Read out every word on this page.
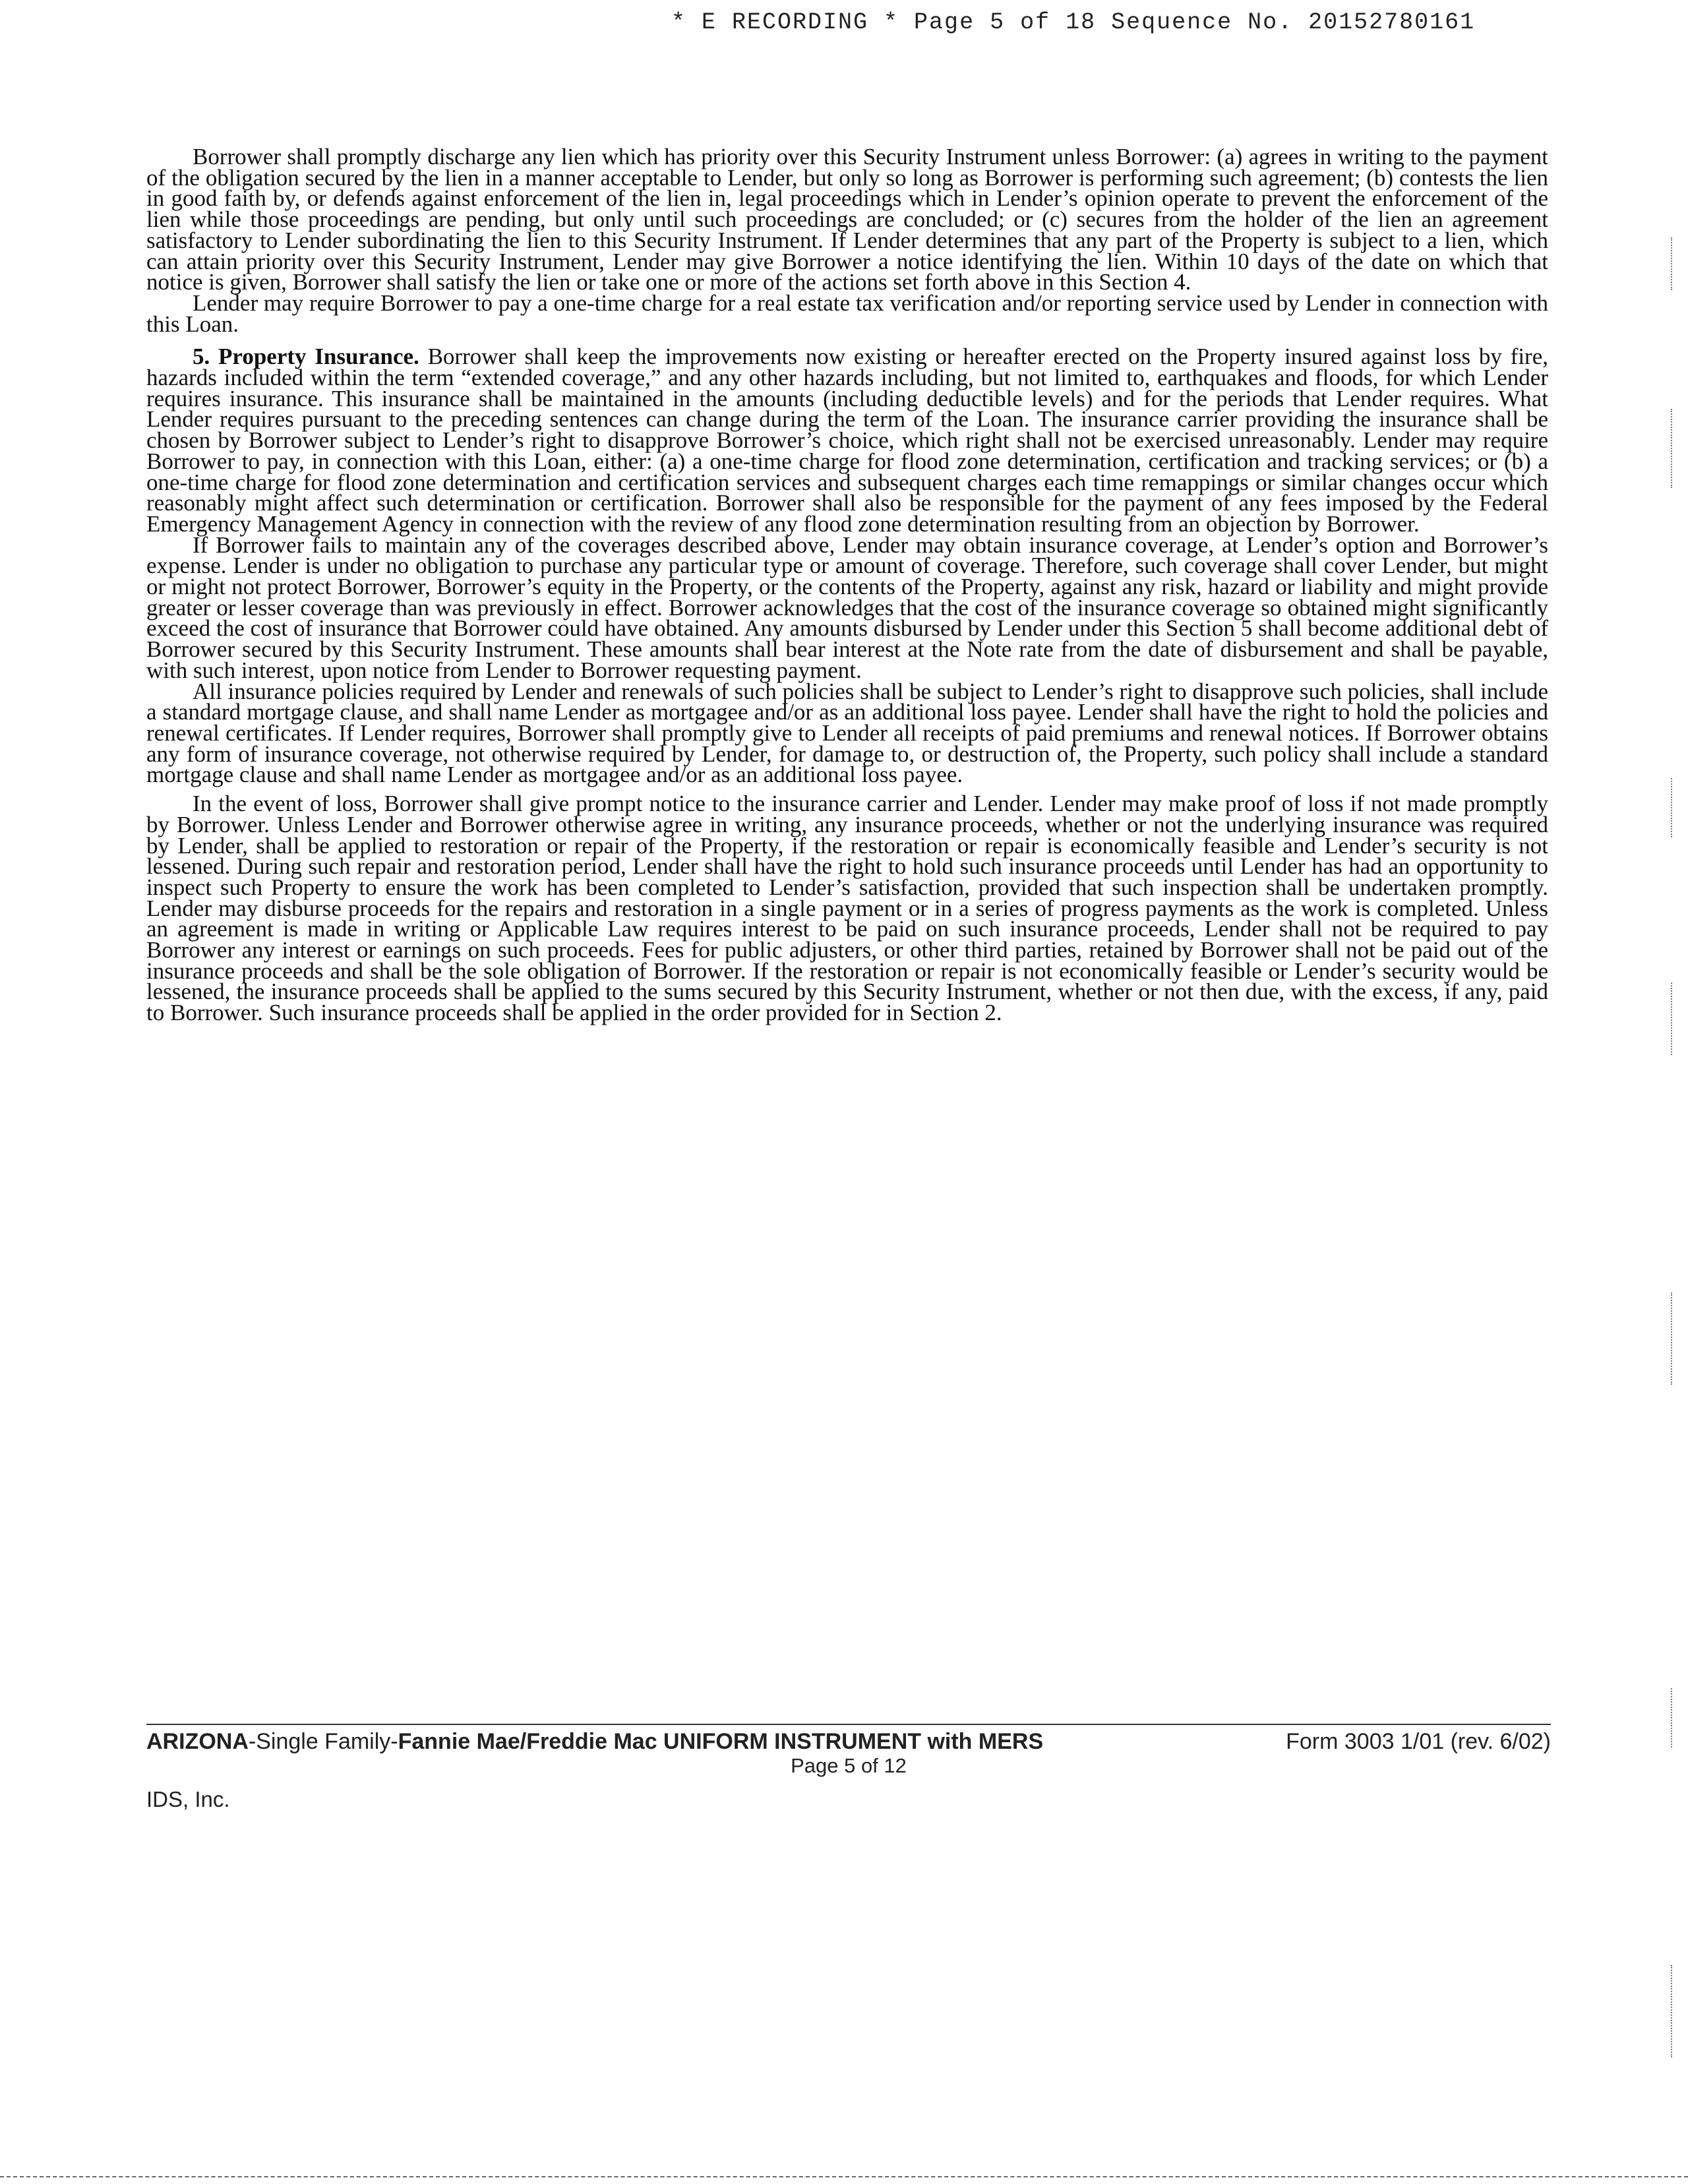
* E RECORDING * Page 5 of 18 Sequence No. 20152780161

Borrower shall promptly discharge any lien which has priority over this Security Instrument unless Borrower: (a) agrees in writing to the payment of the obligation secured by the lien in a manner acceptable to Lender, but only so long as Borrower is performing such agreement; (b) contests the lien in good faith by, or defends against enforcement of the lien in, legal proceedings which in Lender’s opinion operate to prevent the enforcement of the lien while those proceedings are pending, but only until such proceedings are concluded; or (c) secures from the holder of the lien an agreement satisfactory to Lender subordinating the lien to this Security Instrument. If Lender determines that any part of the Property is subject to a lien, which can attain priority over this Security Instrument, Lender may give Borrower a notice identifying the lien. Within 10 days of the date on which that notice is given, Borrower shall satisfy the lien or take one or more of the actions set forth above in this Section 4.

Lender may require Borrower to pay a one-time charge for a real estate tax verification and/or reporting service used by Lender in connection with this Loan.

5. Property Insurance. Borrower shall keep the improvements now existing or hereafter erected on the Property insured against loss by fire, hazards included within the term “extended coverage,” and any other hazards including, but not limited to, earthquakes and floods, for which Lender requires insurance. This insurance shall be maintained in the amounts (including deductible levels) and for the periods that Lender requires. What Lender requires pursuant to the preceding sentences can change during the term of the Loan. The insurance carrier providing the insurance shall be chosen by Borrower subject to Lender’s right to disapprove Borrower’s choice, which right shall not be exercised unreasonably. Lender may require Borrower to pay, in connection with this Loan, either: (a) a one-time charge for flood zone determination, certification and tracking services; or (b) a one-time charge for flood zone determination and certification services and subsequent charges each time remappings or similar changes occur which reasonably might affect such determination or certification. Borrower shall also be responsible for the payment of any fees imposed by the Federal Emergency Management Agency in connection with the review of any flood zone determination resulting from an objection by Borrower.

If Borrower fails to maintain any of the coverages described above, Lender may obtain insurance coverage, at Lender’s option and Borrower’s expense. Lender is under no obligation to purchase any particular type or amount of coverage. Therefore, such coverage shall cover Lender, but might or might not protect Borrower, Borrower’s equity in the Property, or the contents of the Property, against any risk, hazard or liability and might provide greater or lesser coverage than was previously in effect. Borrower acknowledges that the cost of the insurance coverage so obtained might significantly exceed the cost of insurance that Borrower could have obtained. Any amounts disbursed by Lender under this Section 5 shall become additional debt of Borrower secured by this Security Instrument. These amounts shall bear interest at the Note rate from the date of disbursement and shall be payable, with such interest, upon notice from Lender to Borrower requesting payment.

All insurance policies required by Lender and renewals of such policies shall be subject to Lender’s right to disapprove such policies, shall include a standard mortgage clause, and shall name Lender as mortgagee and/or as an additional loss payee. Lender shall have the right to hold the policies and renewal certificates. If Lender requires, Borrower shall promptly give to Lender all receipts of paid premiums and renewal notices. If Borrower obtains any form of insurance coverage, not otherwise required by Lender, for damage to, or destruction of, the Property, such policy shall include a standard mortgage clause and shall name Lender as mortgagee and/or as an additional loss payee.

In the event of loss, Borrower shall give prompt notice to the insurance carrier and Lender. Lender may make proof of loss if not made promptly by Borrower. Unless Lender and Borrower otherwise agree in writing, any insurance proceeds, whether or not the underlying insurance was required by Lender, shall be applied to restoration or repair of the Property, if the restoration or repair is economically feasible and Lender’s security is not lessened. During such repair and restoration period, Lender shall have the right to hold such insurance proceeds until Lender has had an opportunity to inspect such Property to ensure the work has been completed to Lender’s satisfaction, provided that such inspection shall be undertaken promptly. Lender may disburse proceeds for the repairs and restoration in a single payment or in a series of progress payments as the work is completed. Unless an agreement is made in writing or Applicable Law requires interest to be paid on such insurance proceeds, Lender shall not be required to pay Borrower any interest or earnings on such proceeds. Fees for public adjusters, or other third parties, retained by Borrower shall not be paid out of the insurance proceeds and shall be the sole obligation of Borrower. If the restoration or repair is not economically feasible or Lender’s security would be lessened, the insurance proceeds shall be applied to the sums secured by this Security Instrument, whether or not then due, with the excess, if any, paid to Borrower. Such insurance proceeds shall be applied in the order provided for in Section 2.

ARIZONA-Single Family-Fannie Mae/Freddie Mac UNIFORM INSTRUMENT with MERS	Form 3003 1/01 (rev. 6/02)
Page 5 of 12
IDS, Inc.
